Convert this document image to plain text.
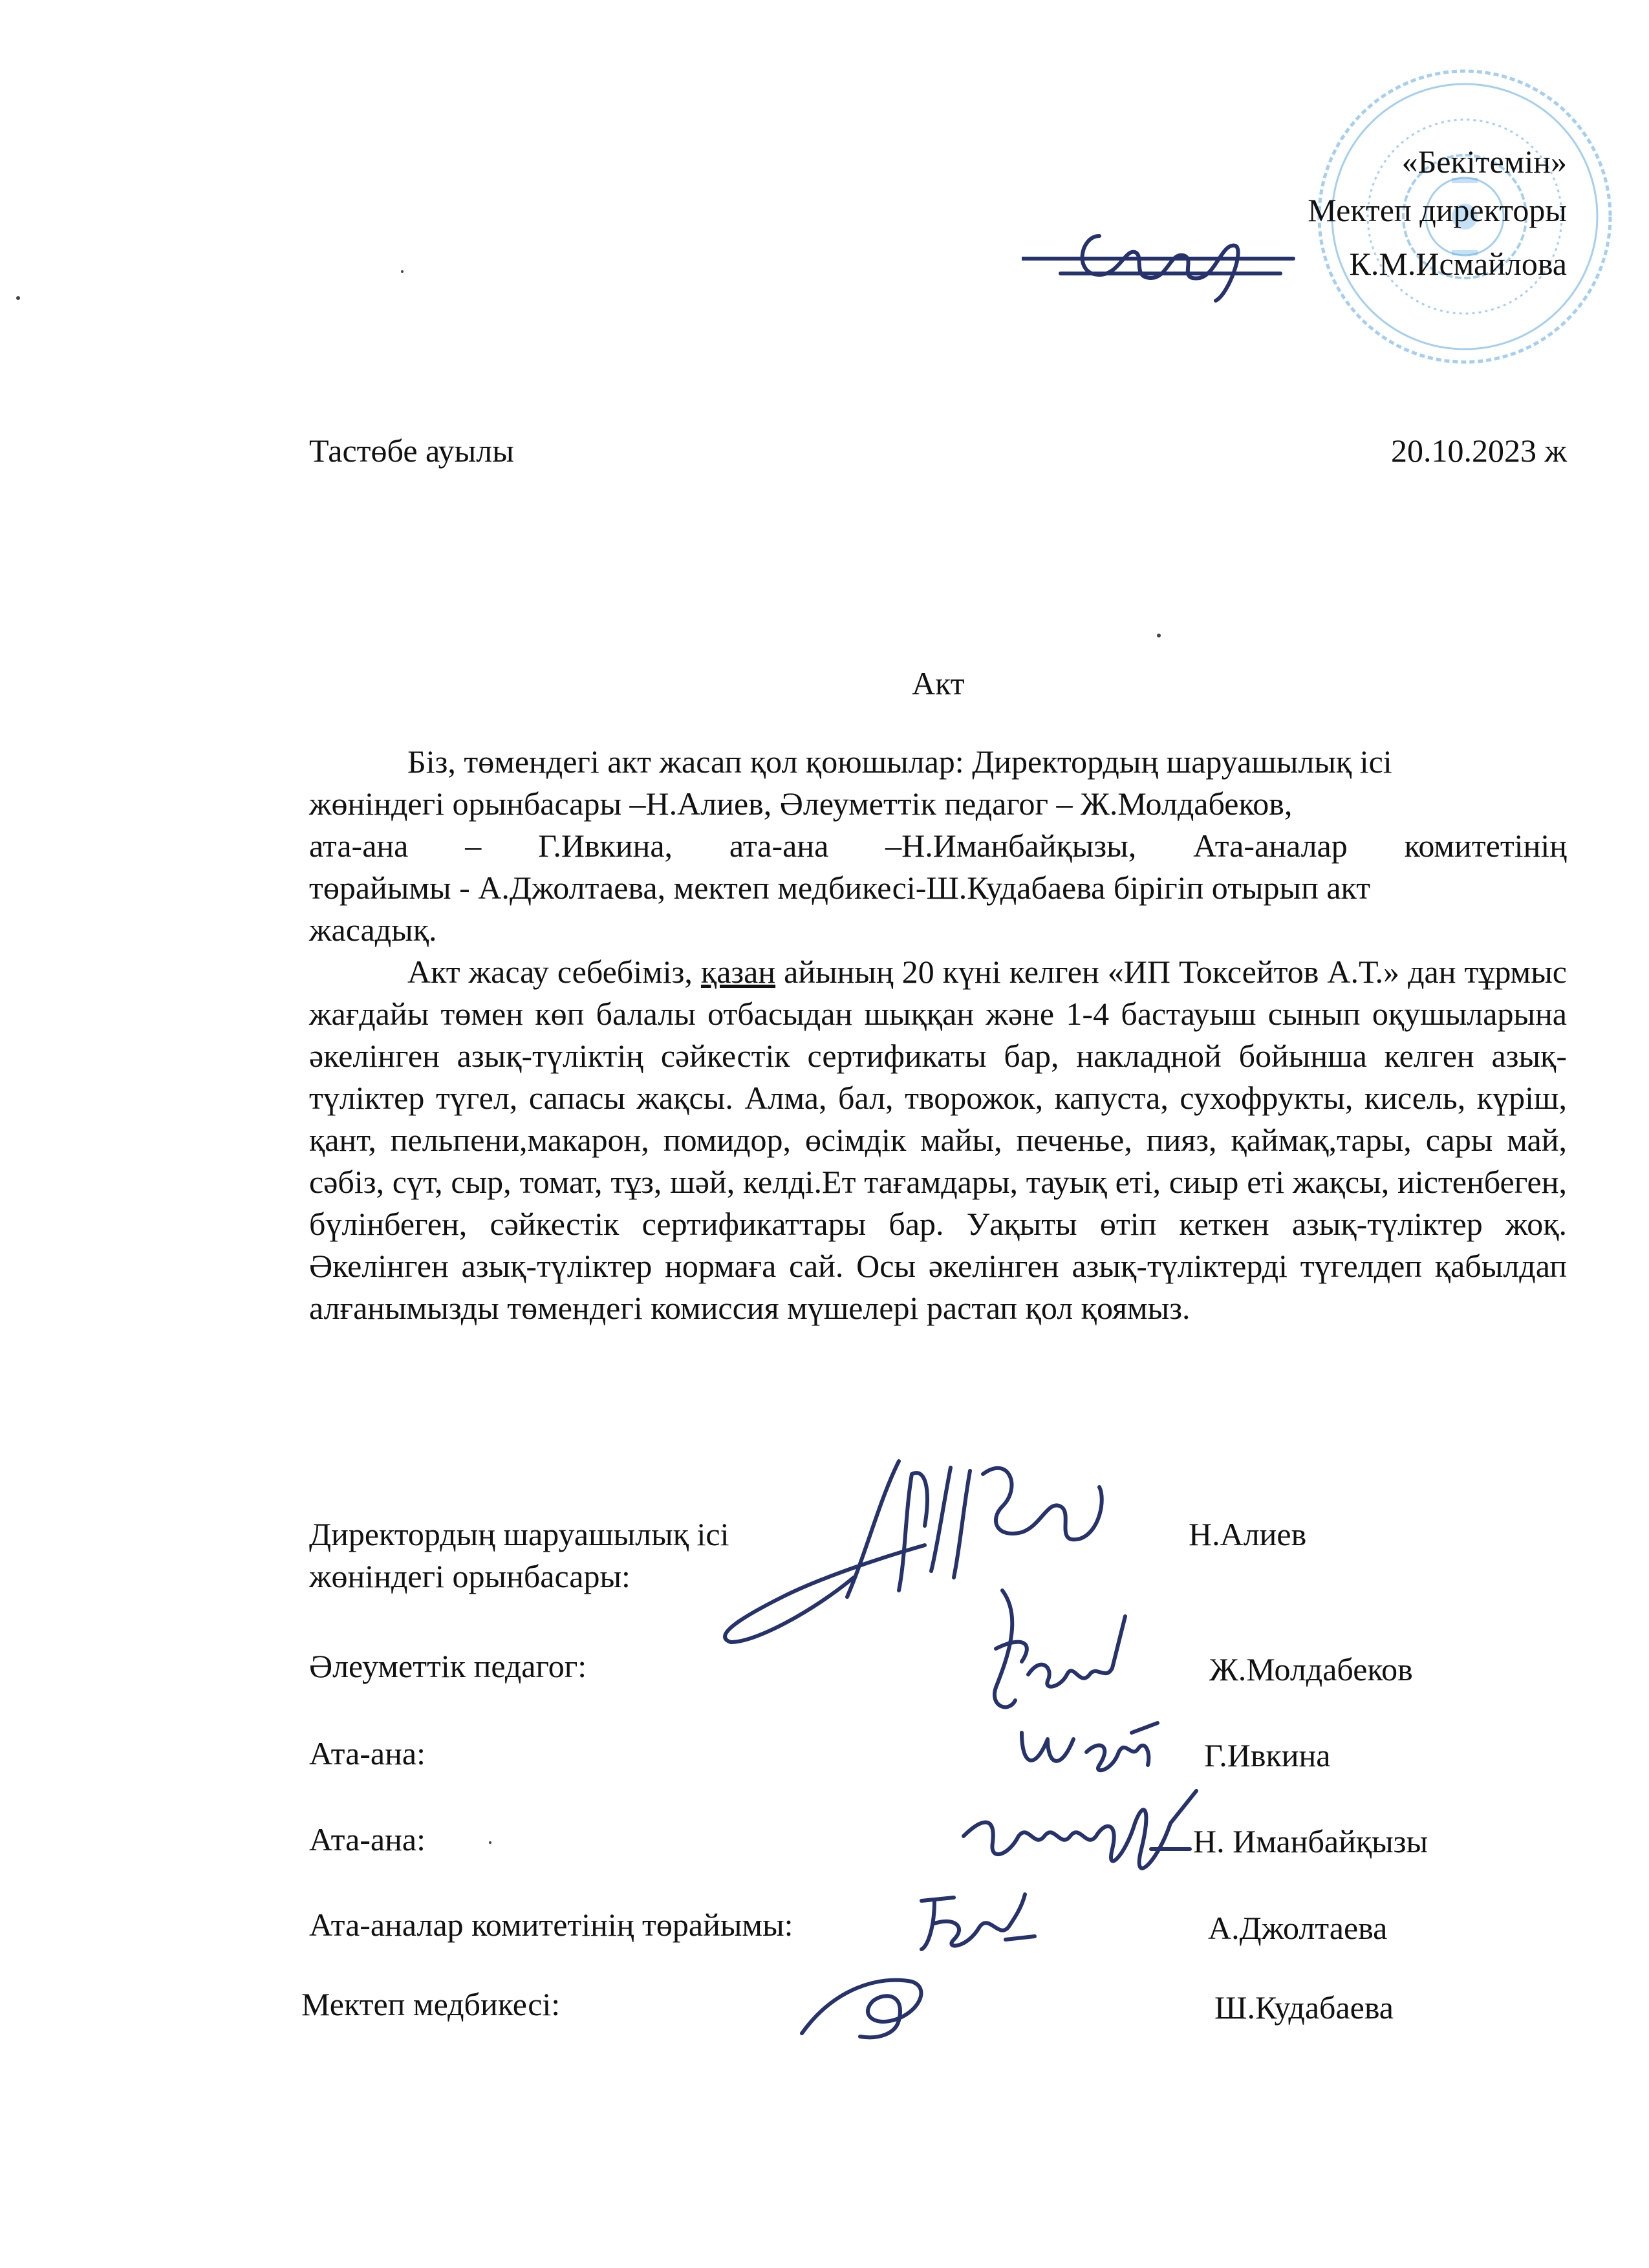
«Бекітемін»
Мектеп директоры
К.М.Исмайлова
Тастөбе ауылы	20.10.2023 ж
Акт
Біз, төмендегі акт жасап қол қоюшылар: Директордың шаруашылық ісі
жөніндегі орынбасары –Н.Алиев, Әлеуметтік педагог – Ж.Молдабеков,
ата-ана – Г.Ивкина, ата-ана –Н.Иманбайқызы, Ата-аналар комитетінің
төрайымы - А.Джолтаева, мектеп медбикесі-Ш.Кудабаева бірігіп отырып акт
жасадық.
Акт жасау себебіміз, қазан айының 20 күні келген «ИП Токсейтов А.Т.» дан тұрмыс жағдайы төмен көп балалы отбасыдан шыққан және 1-4 бастауыш сынып оқушыларына әкелінген азық-түліктің сәйкестік сертификаты бар, накладной бойынша келген азық-түліктер түгел, сапасы жақсы. Алма, бал, творожок, капуста, сухофрукты, кисель, күріш, қант, пельпени,макарон, помидор, өсімдік майы, печенье, пияз, қаймақ,тары, сары май, сәбіз, сүт, сыр, томат, тұз, шәй, келді.Ет тағамдары, тауық еті, сиыр еті жақсы, иістенбеген, бүлінбеген, сәйкестік сертификаттары бар. Уақыты өтіп кеткен азық-түліктер жоқ. Әкелінген азық-түліктер нормаға сай. Осы әкелінген азық-түліктерді түгелдеп қабылдап алғанымызды төмендегі комиссия мүшелері растап қол қоямыз.
Директордың шаруашылық ісі
жөніндегі орынбасары:
Н.Алиев
Әлеуметтік педагог:	Ж.Молдабеков
Ата-ана:	Г.Ивкина
Ата-ана:	Н. Иманбайқызы
Ата-аналар комитетінің төрайымы:	А.Джолтаева
Мектеп медбикесі:	Ш.Кудабаева
